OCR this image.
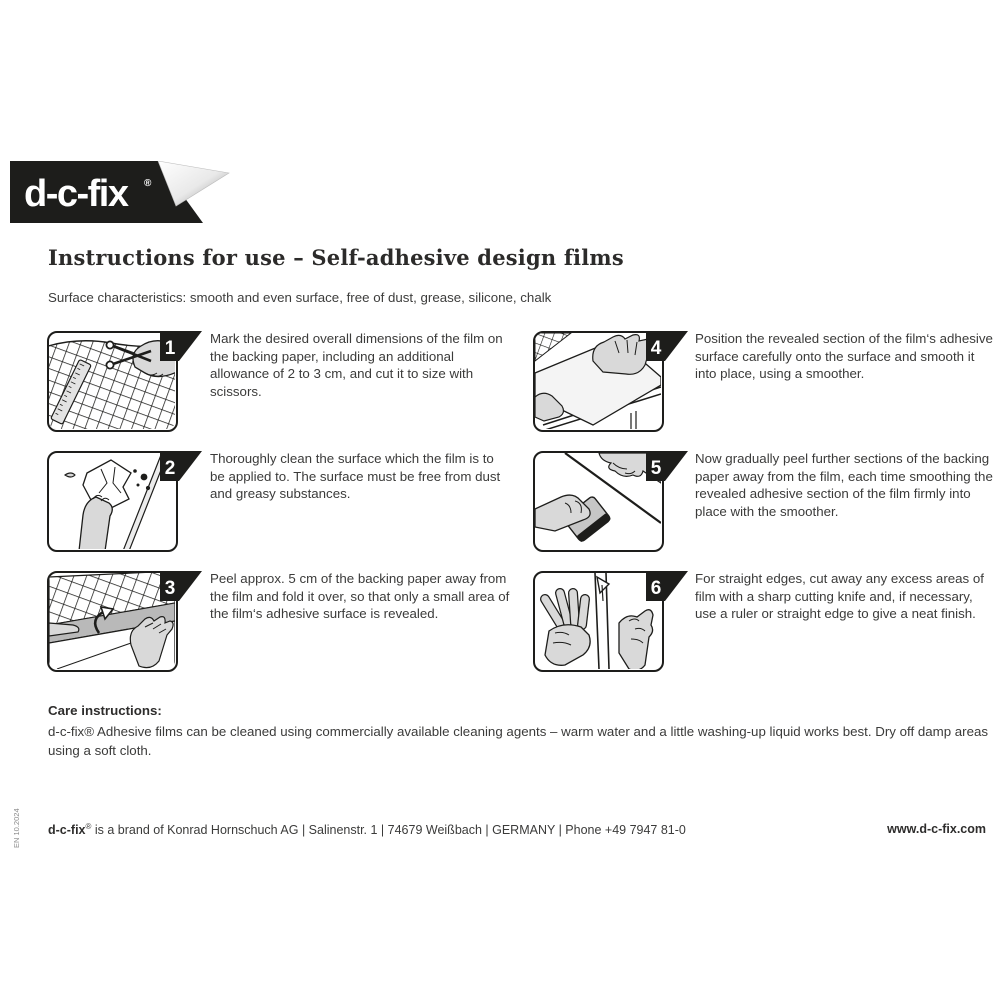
d-c-fix ®
Instructions for use – Self-adhesive design films

Surface characteristics: smooth and even surface, free of dust, grease, silicone, chalk

1	Mark the desired overall dimensions of the film on the backing paper, including an additional allowance of 2 to 3 cm, and cut it to size with scissors.

2	Thoroughly clean the surface which the film is to be applied to. The surface must be free from dust and greasy substances.

3	Peel approx. 5 cm of the backing paper away from the film and fold it over, so that only a small area of the film‘s adhesive surface is revealed.

4	Position the revealed section of the film‘s adhesive surface carefully onto the surface and smooth it into place, using a smoother.

5	Now gradually peel further sections of the backing paper away from the film, each time smoothing the revealed adhesive section of the film firmly into place with the smoother.

6	For straight edges, cut away any excess areas of film with a sharp cutting knife and, if necessary, use a ruler or straight edge to give a neat finish.

Care instructions:

d-c-fix® Adhesive films can be cleaned using commercially available cleaning agents – warm water and a little washing-up liquid works best. Dry off damp areas using a soft cloth.

d-c-fix® is a brand of Konrad Hornschuch AG | Salinenstr. 1 | 74679 Weißbach | GERMANY | Phone +49 7947 81-0	www.d-c-fix.com
EN 10.2024
